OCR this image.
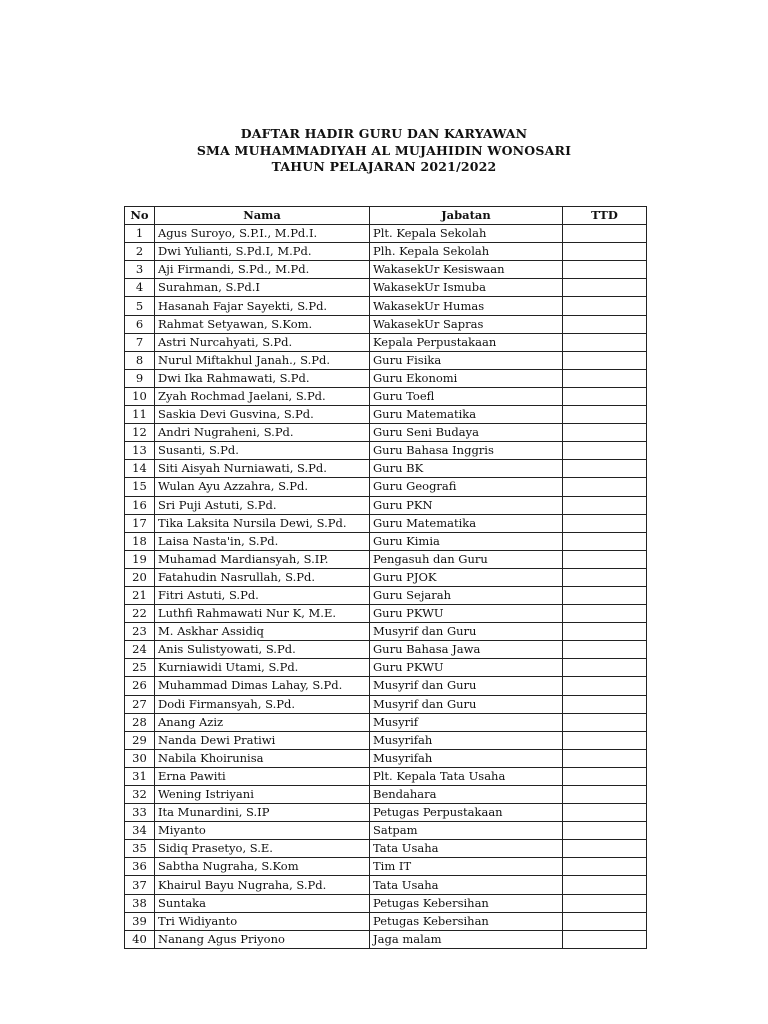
DAFTAR HADIR GURU DAN KARYAWAN
SMA MUHAMMADIYAH AL MUJAHIDIN WONOSARI
TAHUN PELAJARAN 2021/2022
No	Nama	Jabatan	TTD
1	Agus Suroyo, S.P.I., M.Pd.I.	Plt. Kepala Sekolah	
2	Dwi Yulianti, S.Pd.I, M.Pd.	Plh. Kepala Sekolah	
3	Aji Firmandi, S.Pd., M.Pd.	WakasekUr Kesiswaan	
4	Surahman, S.Pd.I	WakasekUr Ismuba	
5	Hasanah Fajar Sayekti, S.Pd.	WakasekUr Humas	
6	Rahmat Setyawan, S.Kom.	WakasekUr Sapras	
7	Astri Nurcahyati, S.Pd.	Kepala Perpustakaan	
8	Nurul Miftakhul Janah., S.Pd.	Guru Fisika	
9	Dwi Ika Rahmawati, S.Pd.	Guru Ekonomi	
10	Zyah Rochmad Jaelani, S.Pd.	Guru Toefl	
11	Saskia Devi Gusvina, S.Pd.	Guru Matematika	
12	Andri Nugraheni, S.Pd.	Guru Seni Budaya	
13	Susanti, S.Pd.	Guru Bahasa Inggris	
14	Siti Aisyah Nurniawati, S.Pd.	Guru BK	
15	Wulan Ayu Azzahra, S.Pd.	Guru Geografi	
16	Sri Puji Astuti, S.Pd.	Guru PKN	
17	Tika Laksita Nursila Dewi, S.Pd.	Guru Matematika	
18	Laisa Nasta'in, S.Pd.	Guru Kimia	
19	Muhamad Mardiansyah, S.IP.	Pengasuh dan Guru	
20	Fatahudin Nasrullah, S.Pd.	Guru PJOK	
21	Fitri Astuti, S.Pd.	Guru Sejarah	
22	Luthfi Rahmawati Nur K, M.E.	Guru PKWU	
23	M. Askhar Assidiq	Musyrif dan Guru	
24	Anis Sulistyowati, S.Pd.	Guru Bahasa Jawa	
25	Kurniawidi Utami, S.Pd.	Guru PKWU	
26	Muhammad Dimas Lahay, S.Pd.	Musyrif dan Guru	
27	Dodi Firmansyah, S.Pd.	Musyrif dan Guru	
28	Anang Aziz	Musyrif	
29	Nanda Dewi Pratiwi	Musyrifah	
30	Nabila Khoirunisa	Musyrifah	
31	Erna Pawiti	Plt. Kepala Tata Usaha	
32	Wening Istriyani	Bendahara	
33	Ita Munardini, S.IP	Petugas Perpustakaan	
34	Miyanto	Satpam	
35	Sidiq Prasetyo, S.E.	Tata Usaha	
36	Sabtha Nugraha, S.Kom	Tim IT	
37	Khairul Bayu Nugraha, S.Pd.	Tata Usaha	
38	Suntaka	Petugas Kebersihan	
39	Tri Widiyanto	Petugas Kebersihan	
40	Nanang Agus Priyono	Jaga malam	
